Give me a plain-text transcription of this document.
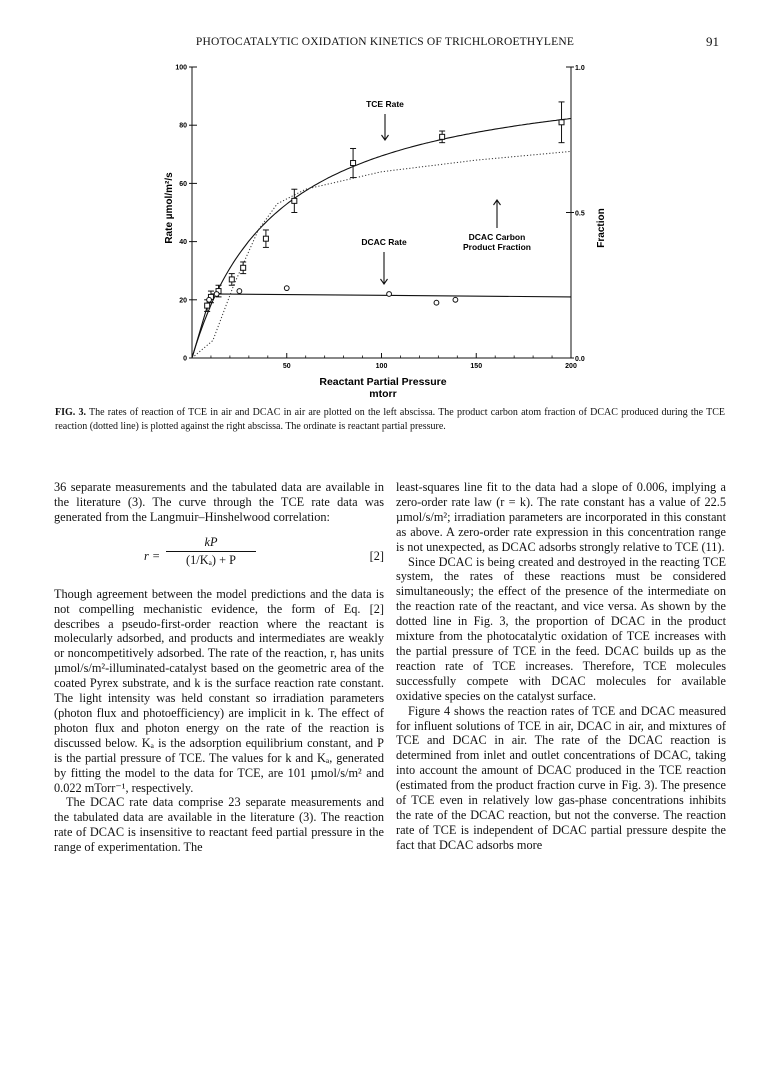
PHOTOCATALYTIC OXIDATION KINETICS OF TRICHLOROETHYLENE	91
50	100	150	200
0
20
40
60
80
100
0.0
0.5
1.0
Reactant Partial Pressure
mtorr
Rate µmol/m²/s	Fraction
TCE Rate
DCAC Rate	DCAC Carbon
Product Fraction
FIG. 3. The rates of reaction of TCE in air and DCAC in air are plotted on the left abscissa. The product carbon atom fraction of DCAC produced during the TCE reaction (dotted line) is plotted against the right abscissa. The ordinate is reactant partial pressure.

36 separate measurements and the tabulated data are available in the literature (3). The curve through the TCE rate data was generated from the Langmuir–Hinshelwood correlation:

$r = \frac{kP}{\text{(1/Kₐ) + P}}$	[2]

Though agreement between the model predictions and the data is not compelling mechanistic evidence, the form of Eq. [2] describes a pseudo-first-order reaction where the reactant is molecularly adsorbed, and products and intermediates are weakly or noncompetitively adsorbed. The rate of the reaction, r, has units µmol/s/m²-illuminated-catalyst based on the geometric area of the coated Pyrex substrate, and k is the surface reaction rate constant. The light intensity was held constant so irradiation parameters (photon flux and photoefficiency) are implicit in k. The effect of photon flux and photon energy on the rate of the reaction is discussed below. Kₐ is the adsorption equilibrium constant, and P is the partial pressure of TCE. The values for k and Kₐ, generated by fitting the model to the data for TCE, are 101 µmol/s/m² and 0.022 mTorr⁻¹, respectively.

The DCAC rate data comprise 23 separate measurements and the tabulated data are available in the literature (3). The reaction rate of DCAC is insensitive to reactant feed partial pressure in the range of experimentation. The

least-squares line fit to the data had a slope of 0.006, implying a zero-order rate law (r = k). The rate constant has a value of 22.5 µmol/s/m²; irradiation parameters are incorporated in this constant as above. A zero-order rate expression in this concentration range is not unexpected, as DCAC adsorbs strongly relative to TCE (11).

Since DCAC is being created and destroyed in the reacting TCE system, the rates of these reactions must be considered simultaneously; the effect of the presence of the intermediate on the reaction rate of the reactant, and vice versa. As shown by the dotted line in Fig. 3, the proportion of DCAC in the product mixture from the photocatalytic oxidation of TCE increases with the partial pressure of TCE in the feed. DCAC builds up as the reaction rate of TCE increases. Therefore, TCE molecules successfully compete with DCAC molecules for available oxidative species on the catalyst surface.

Figure 4 shows the reaction rates of TCE and DCAC measured for influent solutions of TCE in air, DCAC in air, and mixtures of TCE and DCAC in air. The rate of the DCAC reaction is determined from inlet and outlet concentrations of DCAC, taking into account the amount of DCAC produced in the TCE reaction (estimated from the product fraction curve in Fig. 3). The presence of TCE even in relatively low gas-phase concentrations inhibits the rate of the DCAC reaction, but not the converse. The reaction rate of TCE is independent of DCAC partial pressure despite the fact that DCAC adsorbs more
